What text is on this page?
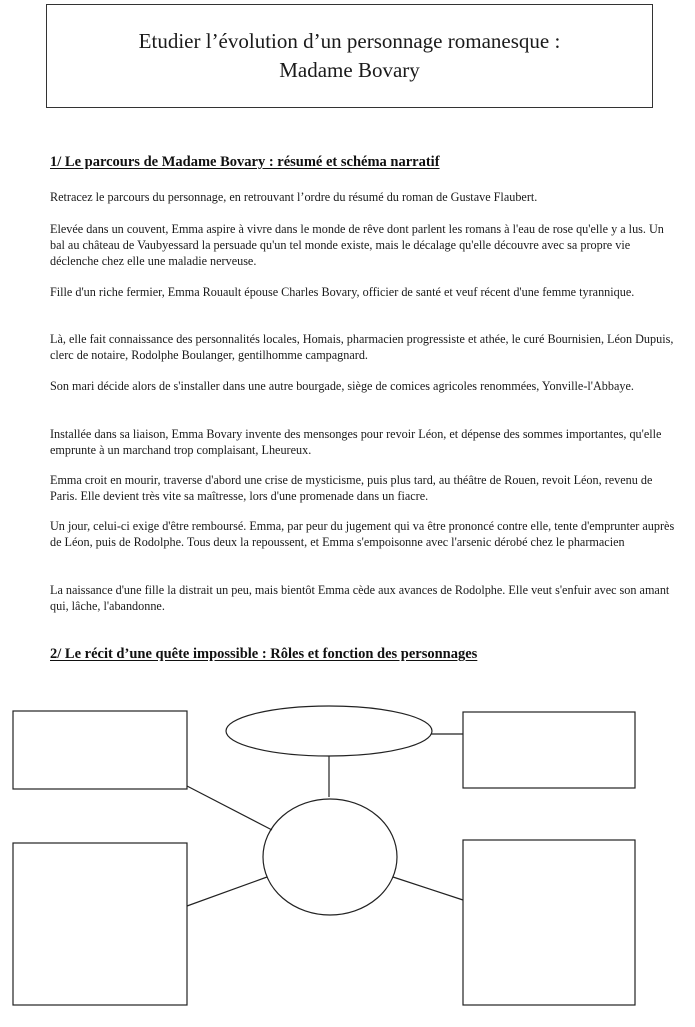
Etudier l’évolution d’un personnage romanesque :
Madame Bovary
1/ Le parcours de Madame Bovary : résumé et schéma narratif

Retracez le parcours du personnage, en retrouvant l’ordre du résumé du roman de Gustave Flaubert.

Elevée dans un couvent, Emma aspire à vivre dans le monde de rêve dont parlent les romans à l'eau de rose qu'elle y a lus. Un bal au château de Vaubyessard la persuade qu'un tel monde existe, mais le décalage qu'elle découvre avec sa propre vie déclenche chez elle une maladie nerveuse.

Fille d'un riche fermier, Emma Rouault épouse Charles Bovary, officier de santé et veuf récent d'une femme tyrannique.

Là, elle fait connaissance des personnalités locales, Homais, pharmacien progressiste et athée, le curé Bournisien, Léon Dupuis, clerc de notaire, Rodolphe Boulanger, gentilhomme campagnard.

Son mari décide alors de s'installer dans une autre bourgade, siège de comices agricoles renommées, Yonville-l'Abbaye.

Installée dans sa liaison, Emma Bovary invente des mensonges pour revoir Léon, et dépense des sommes importantes, qu'elle emprunte à un marchand trop complaisant, Lheureux.

Emma croit en mourir, traverse d'abord une crise de mysticisme, puis plus tard, au théâtre de Rouen, revoit Léon, revenu de Paris. Elle devient très vite sa maîtresse, lors d'une promenade dans un fiacre.

Un jour, celui-ci exige d'être remboursé. Emma, par peur du jugement qui va être prononcé contre elle, tente d'emprunter auprès de Léon, puis de Rodolphe. Tous deux la repoussent, et Emma s'empoisonne avec l'arsenic dérobé chez le pharmacien

La naissance d'une fille la distrait un peu, mais bientôt Emma cède aux avances de Rodolphe. Elle veut s'enfuir avec son amant qui, lâche, l'abandonne.

2/ Le récit d’une quête impossible : Rôles et fonction des personnages
